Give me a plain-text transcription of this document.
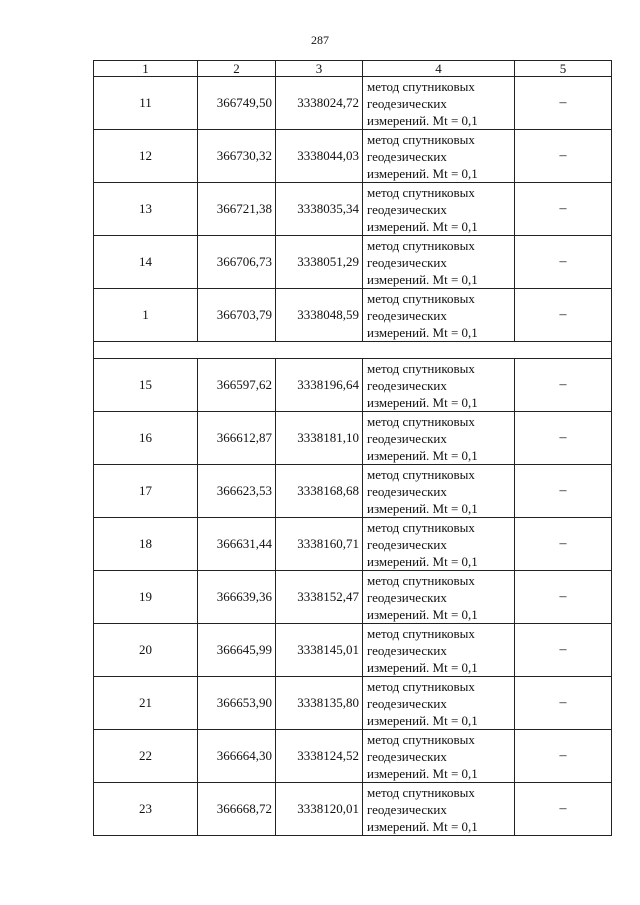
287
1	2	3	4	5
11	366749,50	3338024,72	метод спутниковых
геодезических
измерений. Mt = 0,1	–
12	366730,32	3338044,03	метод спутниковых
геодезических
измерений. Mt = 0,1	–
13	366721,38	3338035,34	метод спутниковых
геодезических
измерений. Mt = 0,1	–
14	366706,73	3338051,29	метод спутниковых
геодезических
измерений. Mt = 0,1	–
1	366703,79	3338048,59	метод спутниковых
геодезических
измерений. Mt = 0,1	–

15	366597,62	3338196,64	метод спутниковых
геодезических
измерений. Mt = 0,1	–
16	366612,87	3338181,10	метод спутниковых
геодезических
измерений. Mt = 0,1	–
17	366623,53	3338168,68	метод спутниковых
геодезических
измерений. Mt = 0,1	–
18	366631,44	3338160,71	метод спутниковых
геодезических
измерений. Mt = 0,1	–
19	366639,36	3338152,47	метод спутниковых
геодезических
измерений. Mt = 0,1	–
20	366645,99	3338145,01	метод спутниковых
геодезических
измерений. Mt = 0,1	–
21	366653,90	3338135,80	метод спутниковых
геодезических
измерений. Mt = 0,1	–
22	366664,30	3338124,52	метод спутниковых
геодезических
измерений. Mt = 0,1	–
23	366668,72	3338120,01	метод спутниковых
геодезических
измерений. Mt = 0,1	–
